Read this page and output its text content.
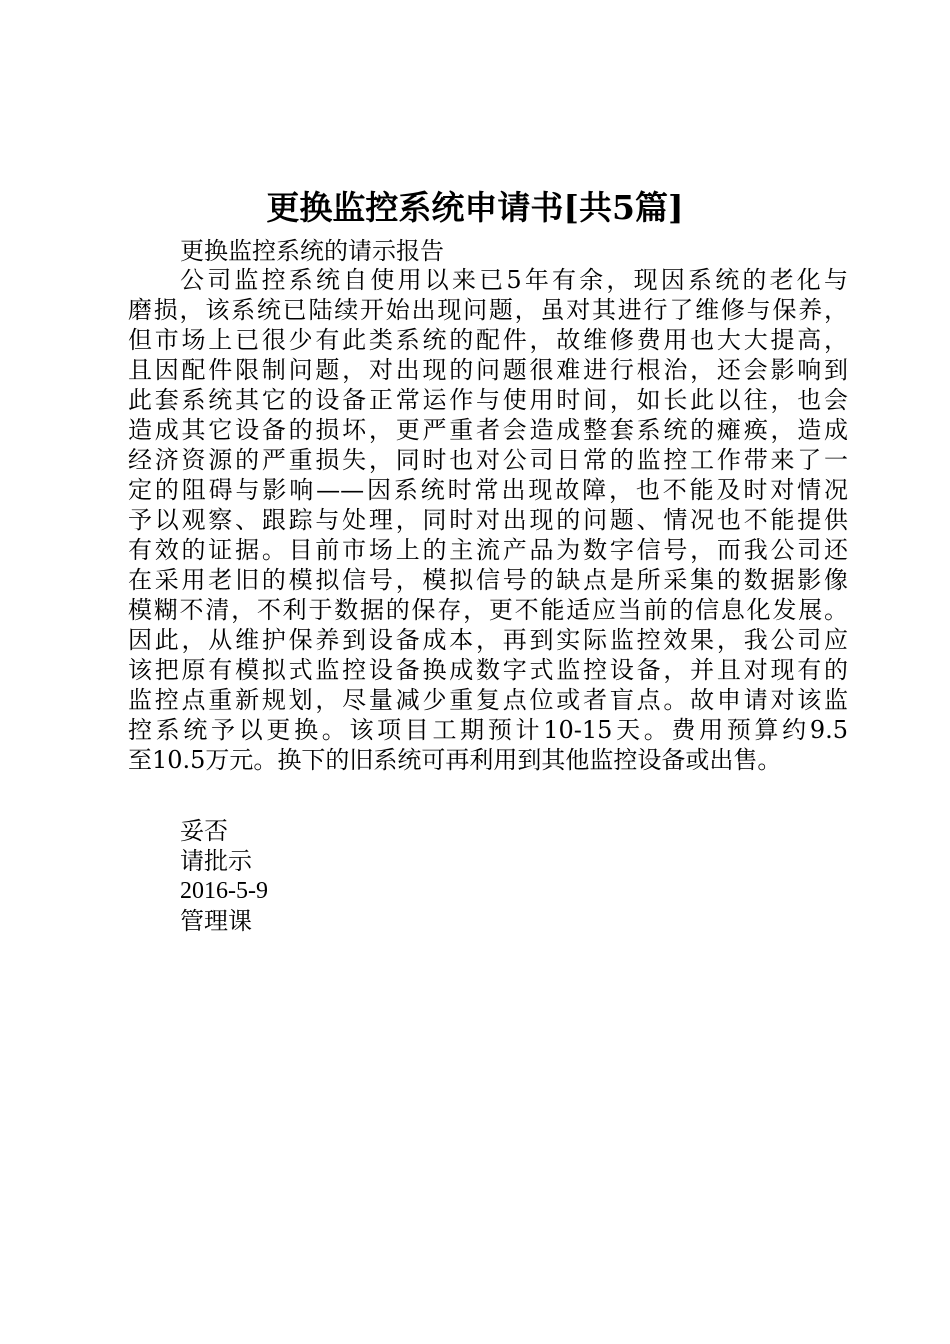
更换监控系统申请书[共5篇]
更换监控系统的请示报告
公司监控系统自使用以来已5年有余，现因系统的老化与
磨损，该系统已陆续开始出现问题，虽对其进行了维修与保养，
但市场上已很少有此类系统的配件，故维修费用也大大提高，
且因配件限制问题，对出现的问题很难进行根治，还会影响到
此套系统其它的设备正常运作与使用时间，如长此以往，也会
造成其它设备的损坏，更严重者会造成整套系统的瘫痪，造成
经济资源的严重损失，同时也对公司日常的监控工作带来了一
定的阻碍与影响——因系统时常出现故障，也不能及时对情况
予以观察、跟踪与处理，同时对出现的问题、情况也不能提供
有效的证据。目前市场上的主流产品为数字信号，而我公司还
在采用老旧的模拟信号，模拟信号的缺点是所采集的数据影像
模糊不清，不利于数据的保存，更不能适应当前的信息化发展。
因此，从维护保养到设备成本，再到实际监控效果，我公司应
该把原有模拟式监控设备换成数字式监控设备，并且对现有的
监控点重新规划，尽量减少重复点位或者盲点。故申请对该监
控系统予以更换。该项目工期预计10-15天。费用预算约9.5
至10.5万元。换下的旧系统可再利用到其他监控设备或出售。
妥否
请批示
2016-5-9
管理课
